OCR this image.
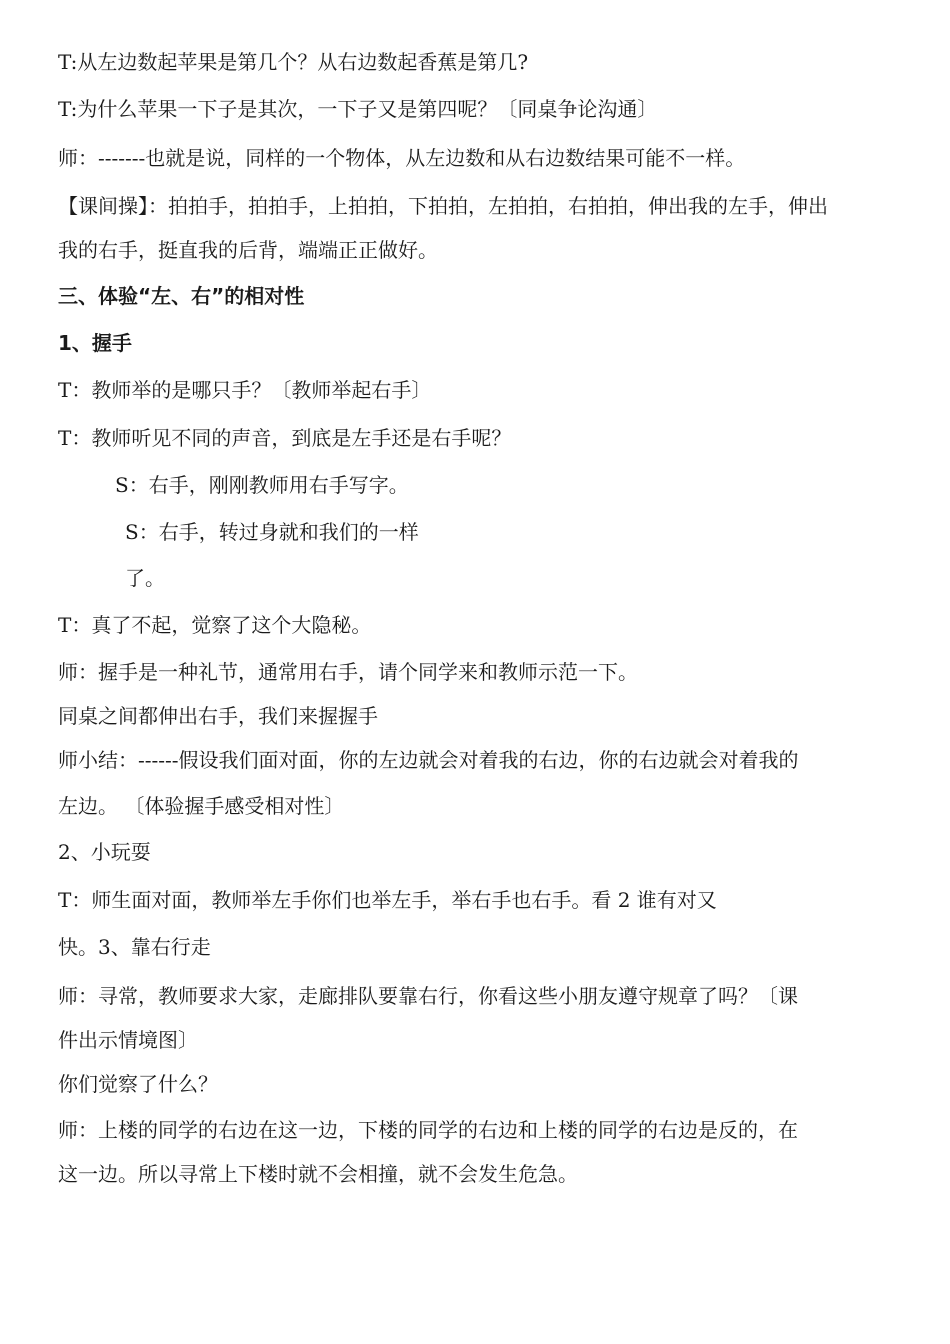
T:从左边数起苹果是第几个？从右边数起香蕉是第几?
T:为什么苹果一下子是其次，一下子又是第四呢？〔同桌争论沟通〕
师：-------也就是说，同样的一个物体，从左边数和从右边数结果可能不一样。
【课间操】：拍拍手，拍拍手，上拍拍，下拍拍，左拍拍，右拍拍，伸出我的左手，伸出
我的右手，挺直我的后背，端端正正做好。
三、体验“左、右”的相对性
1、握手
T：教师举的是哪只手？〔教师举起右手〕
T：教师听见不同的声音，到底是左手还是右手呢？
S：右手，刚刚教师用右手写字。
S：右手，转过身就和我们的一样
了。
T：真了不起，觉察了这个大隐秘。
师：握手是一种礼节，通常用右手，请个同学来和教师示范一下。
同桌之间都伸出右手，我们来握握手
师小结：------假设我们面对面，你的左边就会对着我的右边，你的右边就会对着我的
左边。 〔体验握手感受相对性〕
2、小玩耍
T：师生面对面，教师举左手你们也举左手，举右手也右手。看 2 谁有对又
快。3、靠右行走
师：寻常，教师要求大家，走廊排队要靠右行，你看这些小朋友遵守规章了吗？〔课
件出示情境图〕
你们觉察了什么？
师：上楼的同学的右边在这一边，下楼的同学的右边和上楼的同学的右边是反的，在
这一边。所以寻常上下楼时就不会相撞，就不会发生危急。
